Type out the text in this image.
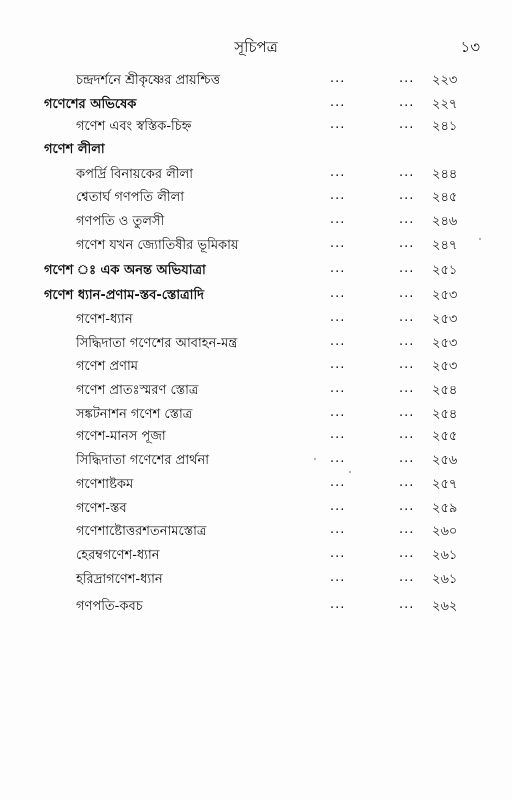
সূচিপত্র	১৩
চন্দ্রদর্শনে শ্রীকৃষ্ণের প্রায়শ্চিত্ত	...	... ২২৩
গণেশের অভিষেক	...	... ২২৭
গণেশ এবং স্বস্তিক-চিহ্ন	...	... ২৪১
গণেশ লীলা
কপর্দ্রি বিনায়কের লীলা	...	... ২৪৪
শ্বেতার্ঘ গণপতি লীলা	...	... ২৪৫
গণপতি ও তুলসী	...	... ২৪৬
গণেশ যখন জ্যোতিষীর ভূমিকায়	...	... ২৪৭
গণেশ ঃ এক অনন্ত অভিযাত্রা	...	... ২৫১
গণেশ ধ্যান-প্রণাম-স্তব-স্তোত্রাদি	...	... ২৫৩
গণেশ-ধ্যান	...	... ২৫৩
সিদ্ধিদাতা গণেশের আবাহন-মন্ত্র	...	... ২৫৩
গণেশ প্রণাম	...	... ২৫৩
গণেশ প্রাতঃস্মরণ স্তোত্র	...	... ২৫৪
সঙ্কটনাশন গণেশ স্তোত্র	...	... ২৫৪
গণেশ-মানস পূজা	...	... ২৫৫
সিদ্ধিদাতা গণেশের প্রার্থনা	...	... ২৫৬
গণেশাষ্টকম	...	... ২৫৭
গণেশ-স্তব	...	... ২৫৯
গণেশাষ্টোত্তরশতনামস্তোত্র	...	... ২৬০
হেরম্বগণেশ-ধ্যান	...	... ২৬১
হরিদ্রাগণেশ-ধ্যান	...	... ২৬১
গণপতি-কবচ	...	... ২৬২
